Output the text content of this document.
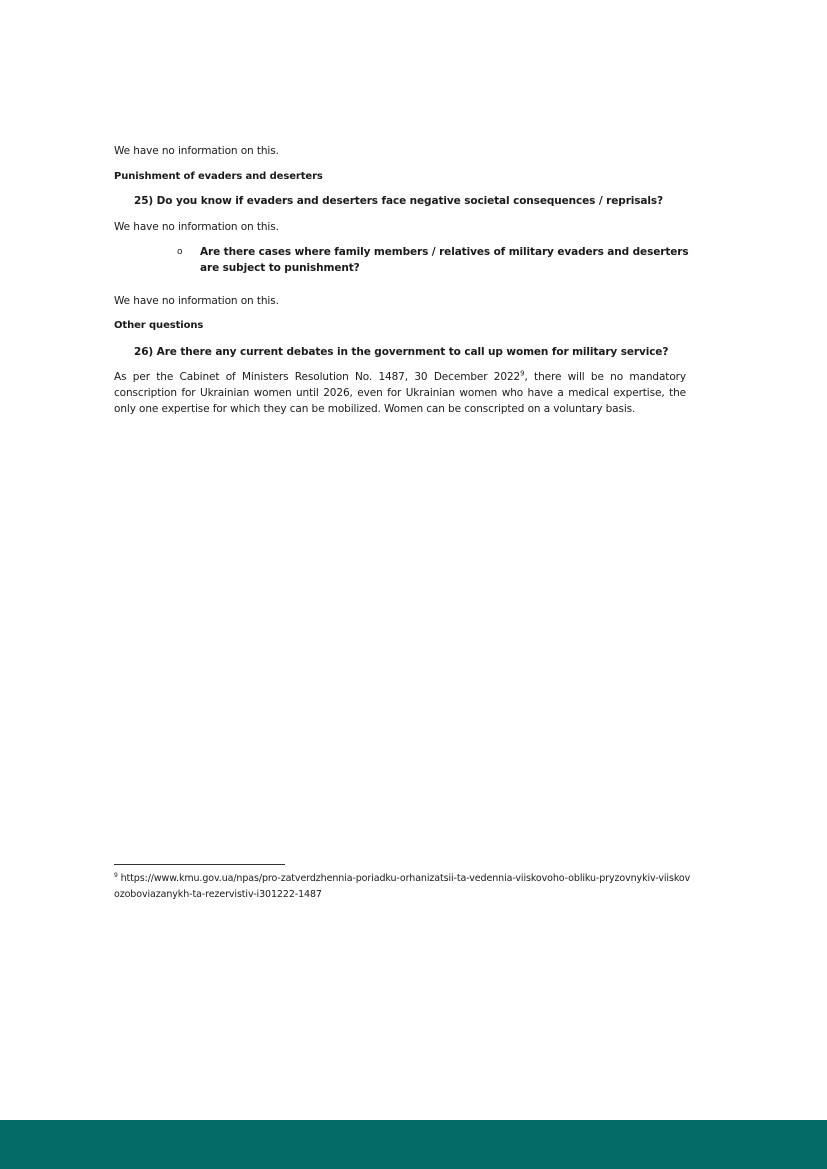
We have no information on this.
Punishment of evaders and deserters
25) Do you know if evaders and deserters face negative societal consequences / reprisals?
We have no information on this.
o Are there cases where family members / relatives of military evaders and deserters are subject to punishment?
We have no information on this.
Other questions
26) Are there any current debates in the government to call up women for military service?
As per the Cabinet of Ministers Resolution No. 1487, 30 December 2022$^9$, there will be no mandatory conscription for Ukrainian women until 2026, even for Ukrainian women who have a medical expertise, the only one expertise for which they can be mobilized. Women can be conscripted on a voluntary basis.
$^9$ https://www.kmu.gov.ua/npas/pro-zatverdzhennia-poriadku-orhanizatsii-ta-vedennia-viiskovoho-obliku-pryzovnykiv-viiskovozoboviazanykh-ta-rezervistiv-i301222-1487
